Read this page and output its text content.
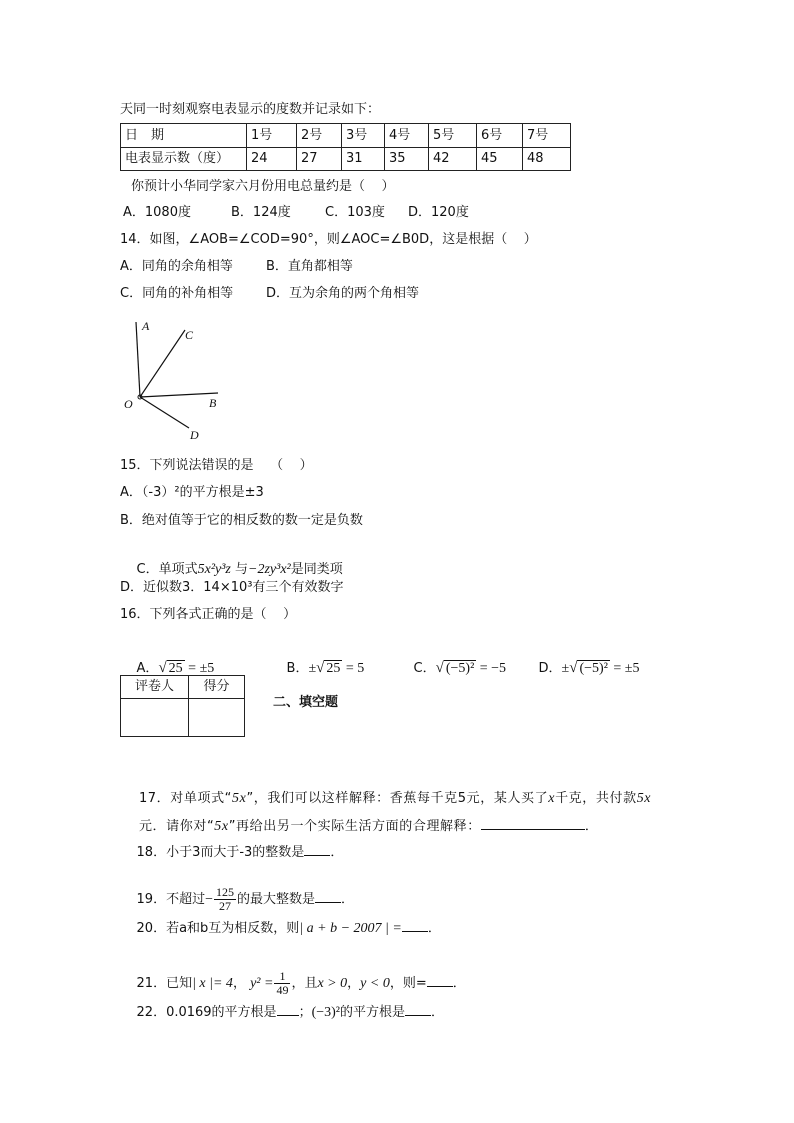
天同一时刻观察电表显示的度数并记录如下：
日　期	1号	2号	3号	4号	5号	6号	7号
电表显示数（度）	24	27	31	35	42	45	48
你预计小华同学家六月份用电总量约是（    ）
A．1080度	B．124度	C．103度 D．120度
14．如图，∠AOB=∠COD=90°，则∠AOC=∠B0D，这是根据（    ）
A．同角的余角相等	B．直角都相等
C．同角的补角相等	D．互为余角的两个角相等
A
C
O	B
D
15．下列说法错误的是    （    ）
A．（-3）²的平方根是±3
B．绝对值等于它的相反数的数一定是负数

C．单项式5x²y³z 与−2zy³x²是同类项

D．近似数3．14×10³有三个有效数字
16．下列各式正确的是（    ）

A．√ 25 = ±5
	B．±√ 25 = 5
	C．√ (−5)² = −5
	D．±√ (−5)² = ±5

评卷人	得分

二、填空题

17．对单项式“5x”，我们可以这样解释：香蕉每千克5元，某人买了x千克，共付款5x

元．请你对“5x”再给出另一个实际生活方面的合理解释：	．

18．小于3而大于-3的整数是 ．

19．不超过− $\frac{125}{27}$ 的最大整数是 ．

20．若a和b互为相反数，则| a + b − 2007 | = ．

21．已知| x |= 4， $y^2 = \frac{1}{49}$ ，且x > 0，y < 0，则= ．

22．0.0169的平方根是 ；(−3)²的平方根是 ．
